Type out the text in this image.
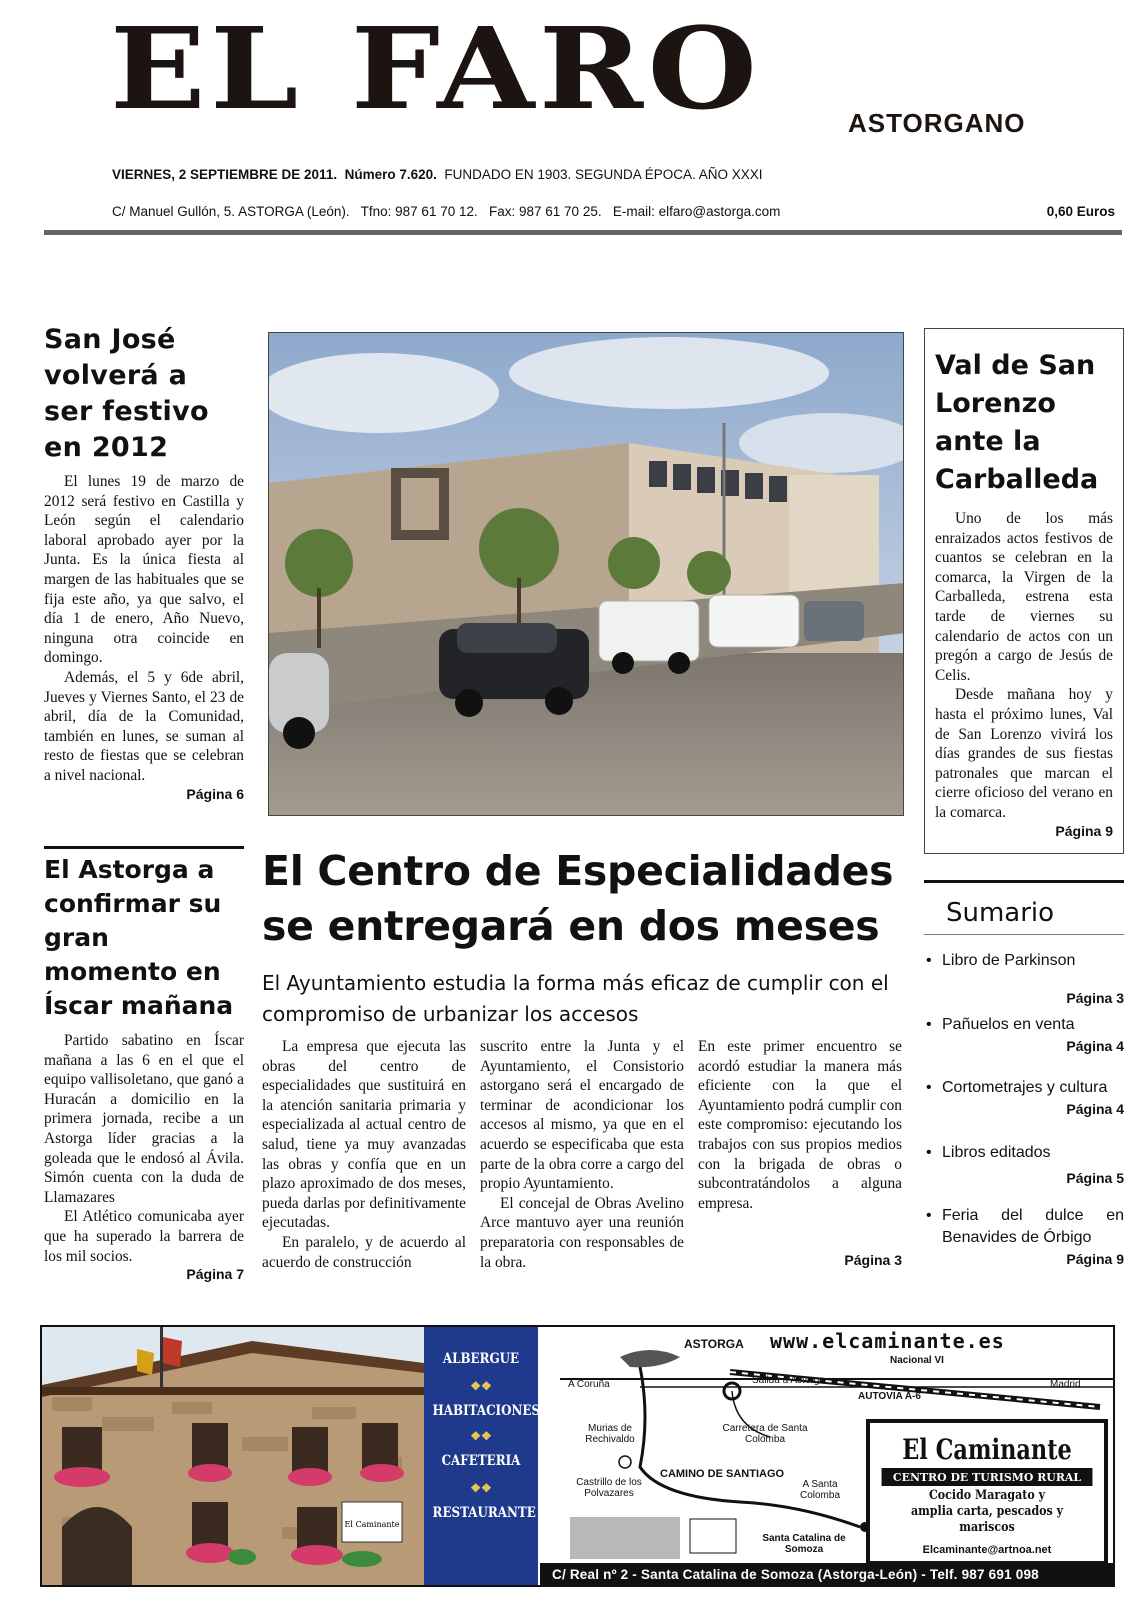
EL FARO	ASTORGANO
VIERNES, 2 SEPTIEMBRE DE 2011. Número 7.620. FUNDADO EN 1903. SEGUNDA ÉPOCA. AÑO XXXI
C/ Manuel Gullón, 5. ASTORGA (León). Tfno: 987 61 70 12. Fax: 987 61 70 25. E-mail: elfaro@astorga.com	0,60 Euros
San José volverá a ser festivo en 2012

El lunes 19 de marzo de 2012 será festivo en Castilla y León según el calendario laboral aprobado ayer por la Junta. Es la única fiesta al margen de las habituales que se fija este año, ya que salvo, el día 1 de enero, Año Nuevo, ninguna otra coincide en domingo.

Además, el 5 y 6de abril, Jueves y Viernes Santo, el 23 de abril, día de la Comunidad, también en lunes, se suman al resto de fiestas que se celebran a nivel nacional.

Página 6
El Astorga a confirmar su gran momento en Íscar mañana

Partido sabatino en Íscar mañana a las 6 en el que el equipo vallisoletano, que ganó a Huracán a domicilio en la primera jornada, recibe a un Astorga líder gracias a la goleada que le endosó al Ávila. Simón cuenta con la duda de Llamazares

El Atlético comunicaba ayer que ha superado la barrera de los mil socios.

Página 7
El Centro de Especialidades se entregará en dos meses
El Ayuntamiento estudia la forma más eficaz de cumplir con el compromiso de urbanizar los accesos

La empresa que ejecuta las obras del centro de especialidades que sustituirá en la atención sanitaria primaria y especializada al actual centro de salud, tiene ya muy avanzadas las obras y confía que en un plazo aproximado de dos meses, pueda darlas por definitivamente ejecutadas.

En paralelo, y de acuerdo al acuerdo de construcción

suscrito entre la Junta y el Ayuntamiento, el Consistorio astorgano será el encargado de terminar de acondicionar los accesos al mismo, ya que en el acuerdo se especificaba que esta parte de la obra corre a cargo del propio Ayuntamiento.

El concejal de Obras Avelino Arce mantuvo ayer una reunión preparatoria con responsables de la obra.

En este primer encuentro se acordó estudiar la manera más eficiente con la que el Ayuntamiento podrá cumplir con este compromiso: ejecutando los trabajos con sus propios medios con la brigada de obras o subcontratándolos a alguna empresa.

Página 3
Val de San Lorenzo ante la Carballeda

Uno de los más enraizados actos festivos de cuantos se celebran en la comarca, la Virgen de la Carballeda, estrena esta tarde de viernes su calendario de actos con un pregón a cargo de Jesús de Celis.

Desde mañana hoy y hasta el próximo lunes, Val de San Lorenzo vivirá los días grandes de sus fiestas patronales que marcan el cierre oficioso del verano en la comarca.

Página 9
Sumario
• Libro de Parkinson
Página 3
• Pañuelos en venta
Página 4
• Cortometrajes y cultura
Página 4
• Libros editados
Página 5
• Feria del dulce en Benavides de Órbigo
Página 9
El Caminante
ALBERGUE
❖❖
HABITACIONES
❖❖
CAFETERIA
❖❖
RESTAURANTE
ASTORGA www.elcaminante.es
Nacional VI
A Coruña	Madrid
Salida a Astorga
AUTOVIA A-6
Murias de Rechivaldo
Carretera de Santa Colomba
CAMINO DE SANTIAGO
Castrillo de los Polvazares
A Santa Colomba
Santa Catalina de Somoza
El Caminante
CENTRO DE TURISMO RURAL
Cocido Maragato y
amplia carta, pescados y mariscos
Elcaminante@artnoa.net
C/ Real nº 2 - Santa Catalina de Somoza (Astorga-León) - Telf. 987 691 098
